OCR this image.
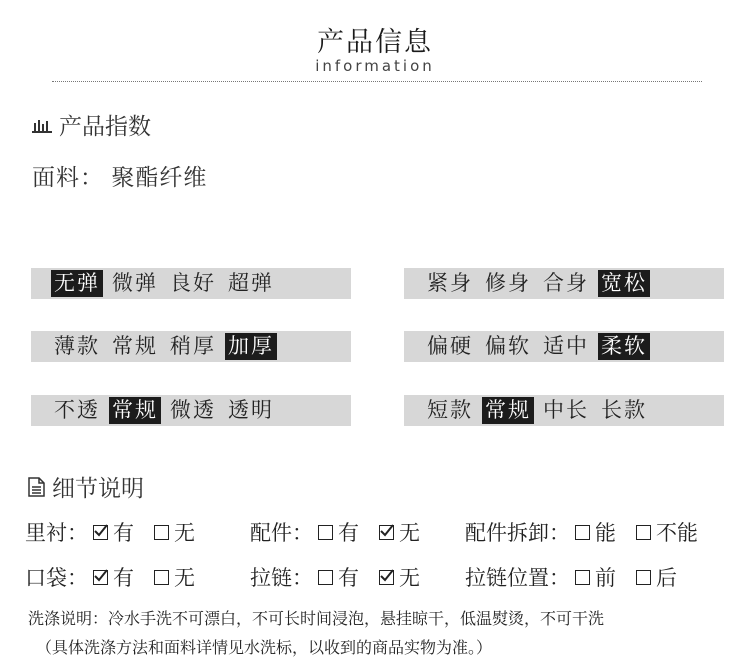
产品信息
information
产品指数
面料： 聚酯纤维
无弹 微弹 良好 超弹	紧身 修身 合身 宽松
薄款 常规 稍厚 加厚	偏硬 偏软 适中 柔软
不透 常规 微透 透明	短款 常规 中长 长款
细节说明
里衬： 有 无	配件： 有 无 配件拆卸： 能 不能
口袋： 有 无	拉链： 有 无 拉链位置： 前 后
洗涤说明：冷水手洗不可漂白，不可长时间浸泡，悬挂晾干，低温熨烫，不可干洗
（具体洗涤方法和面料详情见水洗标，以收到的商品实物为准。）
